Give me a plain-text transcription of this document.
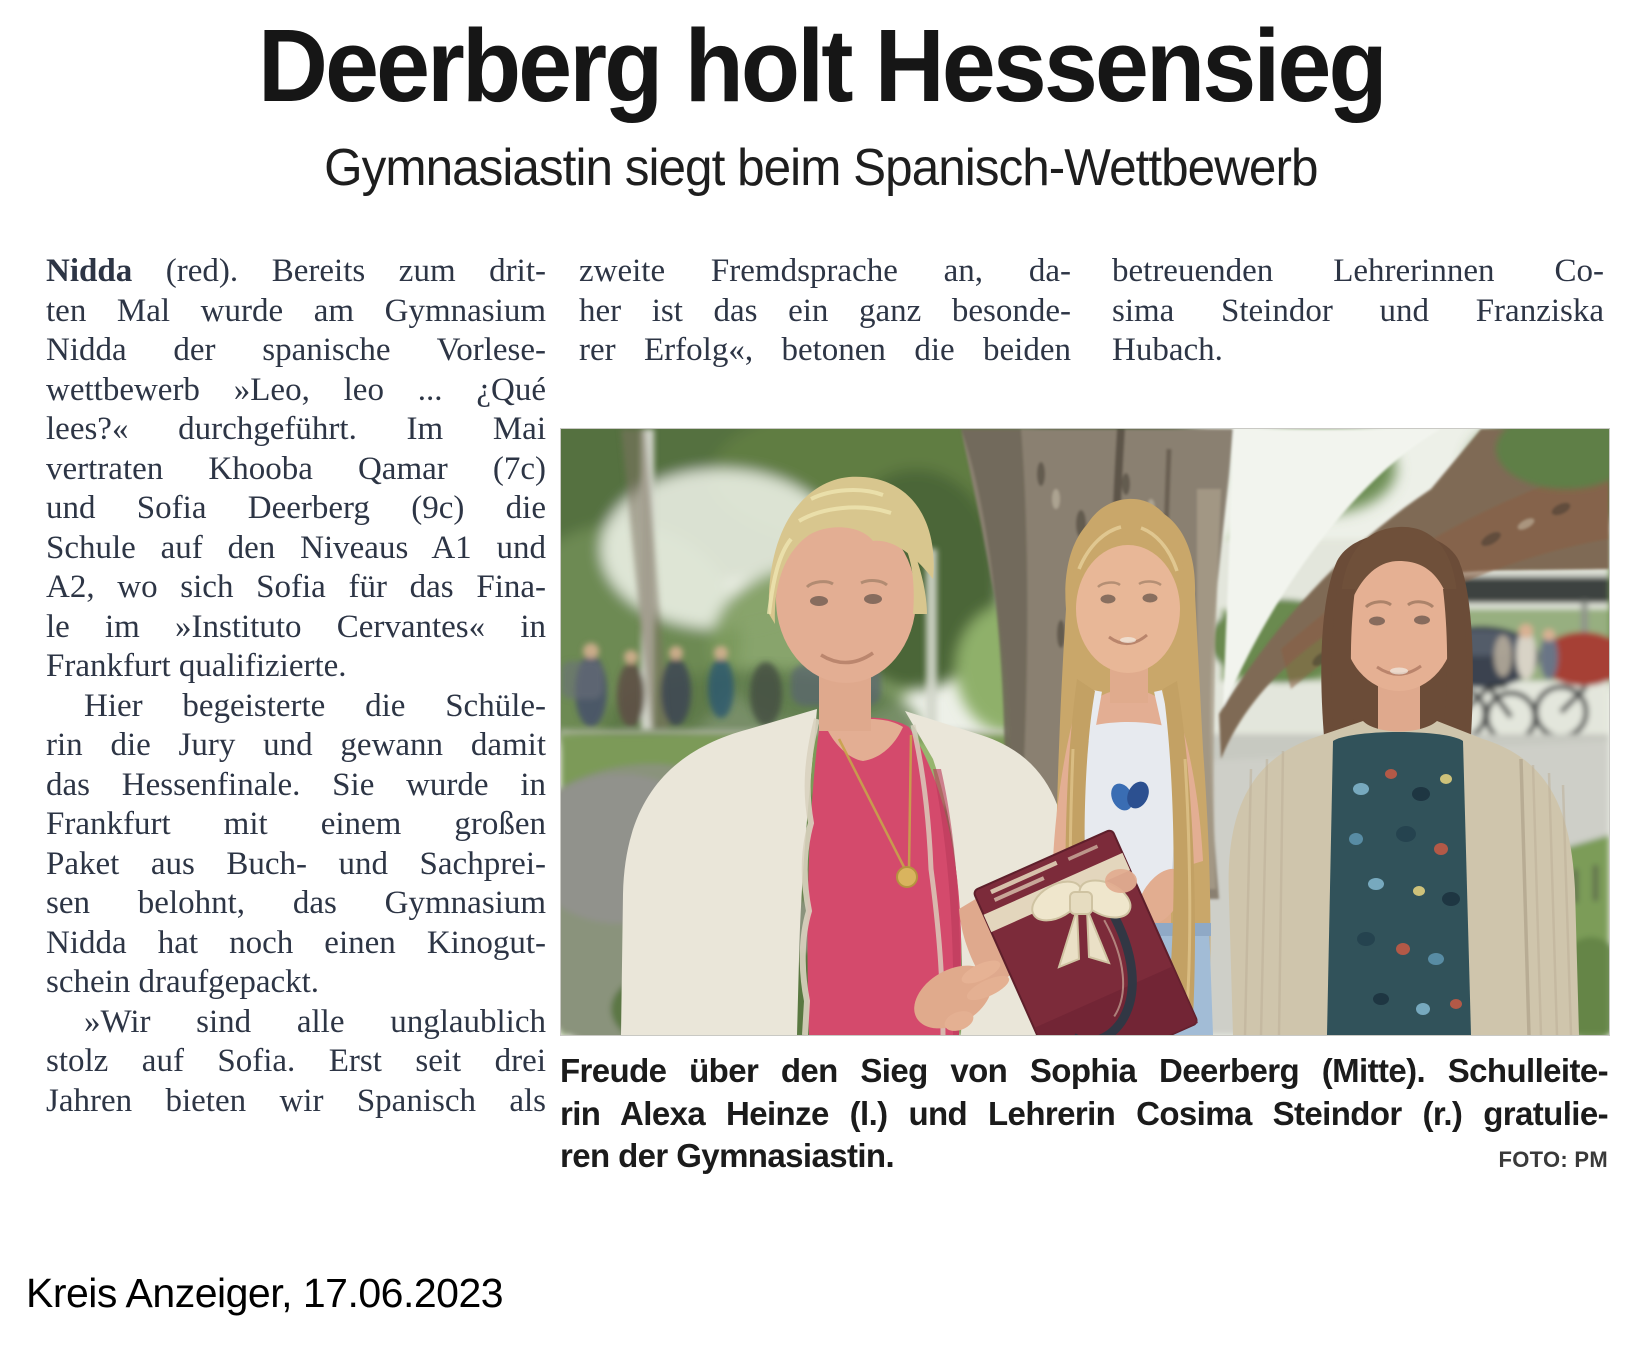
Deerberg holt Hessensieg
Gymnasiastin siegt beim Spanisch-Wettbewerb
Nidda (red). Bereits zum drit-
ten Mal wurde am Gymnasium
Nidda der spanische Vorlese-
wettbewerb »Leo, leo ... ¿Qué
lees?« durchgeführt. Im Mai
vertraten Khooba Qamar (7c)
und Sofia Deerberg (9c) die
Schule auf den Niveaus A1 und
A2, wo sich Sofia für das Fina-
le im »Instituto Cervantes« in
Frankfurt qualifizierte.
Hier begeisterte die Schüle-
rin die Jury und gewann damit
das Hessenfinale. Sie wurde in
Frankfurt mit einem großen
Paket aus Buch- und Sachprei-
sen belohnt, das Gymnasium
Nidda hat noch einen Kinogut-
schein draufgepackt.
»Wir sind alle unglaublich
stolz auf Sofia. Erst seit drei
Jahren bieten wir Spanisch als
zweite Fremdsprache an, da-
her ist das ein ganz besonde-
rer Erfolg«, betonen die beiden
betreuenden Lehrerinnen Co-
sima Steindor und Franziska
Hubach.
Freude über den Sieg von Sophia Deerberg (Mitte). Schulleite-
rin Alexa Heinze (l.) und Lehrerin Cosima Steindor (r.) gratulie-
ren der Gymnasiastin.	FOTO: PM
Kreis Anzeiger, 17.06.2023
